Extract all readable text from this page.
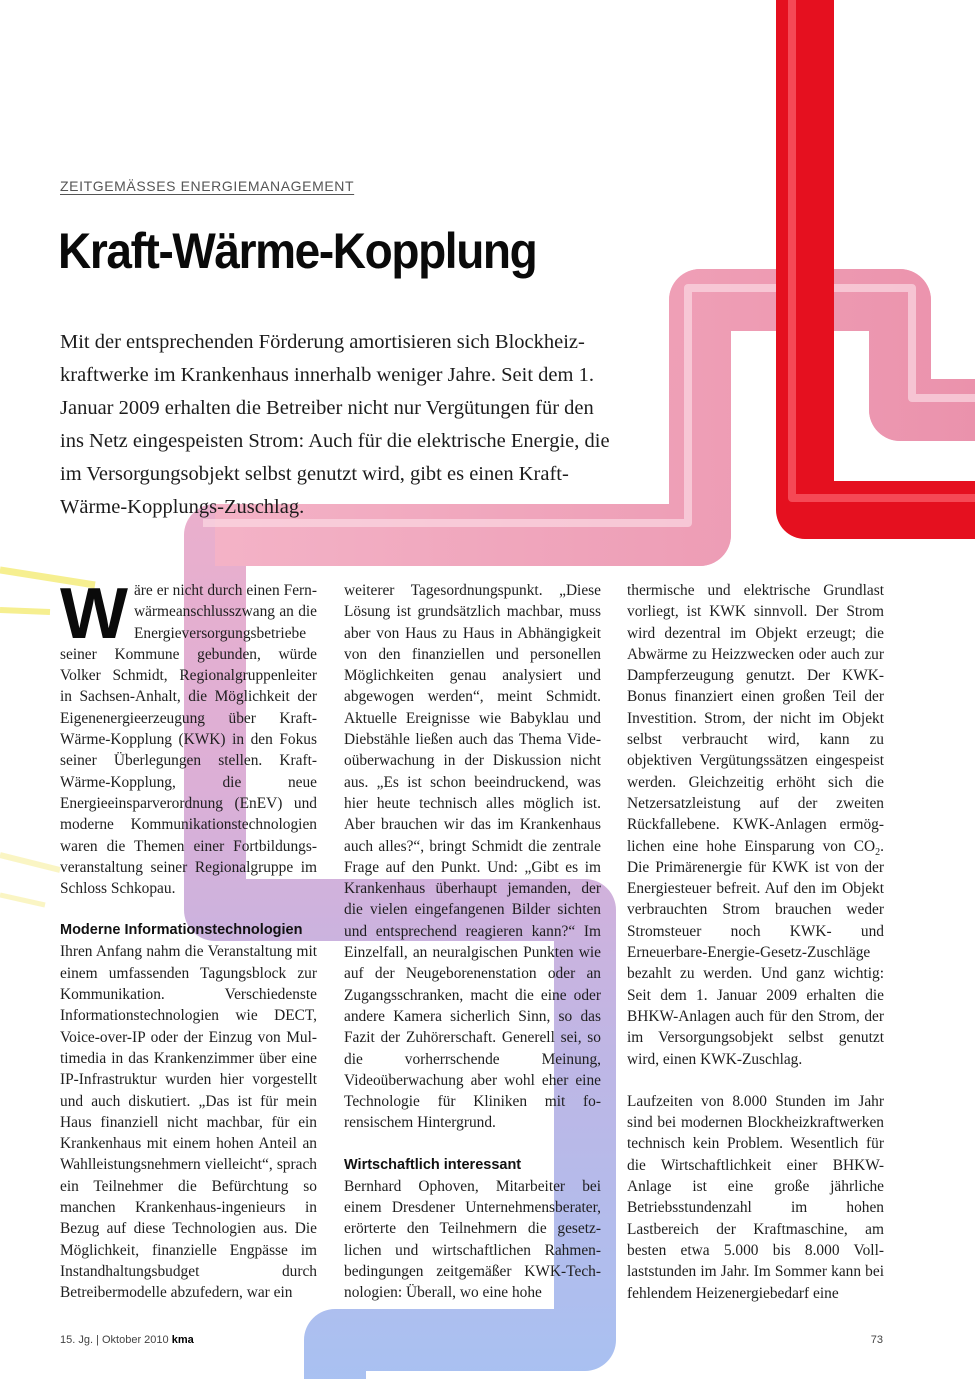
ZEITGEMÄSSES ENERGIEMANAGEMENT
Kraft-Wärme-Kopplung

Mit der entsprechenden Förderung amortisieren sich Blockheizkraftwerke im Krankenhaus innerhalb weniger Jahre. Seit dem 1. Januar 2009 erhalten die Betreiber nicht nur Vergütungen für den ins Netz eingespeisten Strom: Auch für die elektrische Energie, die im Versorgungsobjekt selbst genutzt wird, gibt es einen Kraft-Wärme-Kopplungs-Zuschlag.

Wäre er nicht durch einen Fernwärmeanschlusszwang an die Energieversorgungsbetriebe seiner Kommune gebunden, würde Volker Schmidt, Regionalgruppenleiter in Sachsen-Anhalt, die Möglichkeit der Eigenenergieerzeugung über Kraft-Wärme-Kopplung (KWK) in den Fokus seiner Überlegungen stellen. Kraft-Wärme-Kopplung, die neue Energieeinsparverordnung (EnEV) und moderne Kommunikationstechnologien waren die Themen einer Fortbildungsveranstaltung seiner Regionalgruppe im Schloss Schkopau.

Moderne Informationstechnologien

Ihren Anfang nahm die Veranstaltung mit einem umfassenden Tagungsblock zur Kommunikation. Verschiedenste Informationstechnologien wie DECT, Voice-over-IP oder der Einzug von Multimedia in das Krankenzimmer über eine IP-Infrastruktur wurden hier vorgestellt und auch diskutiert. „Das ist für mein Haus finanziell nicht machbar, für ein Krankenhaus mit einem hohen Anteil an Wahlleistungsnehmern vielleicht“, sprach ein Teilnehmer die Befürchtung so manchen Krankenhaus-ingenieurs in Bezug auf diese Technologien aus. Die Möglichkeit, finanzielle Engpässe im Instandhaltungsbudget durch Betreibermodelle abzufedern, war ein

weiterer Tagesordnungspunkt. „Diese Lösung ist grundsätzlich machbar, muss aber von Haus zu Haus in Abhängigkeit von den finanziellen und personellen Möglichkeiten genau analysiert und abgewogen werden“, meint Schmidt. Aktuelle Ereignisse wie Babyklau und Diebstähle ließen auch das Thema Videoüberwachung in der Diskussion nicht aus. „Es ist schon beeindruckend, was hier heute technisch alles möglich ist. Aber brauchen wir das im Krankenhaus auch alles?“, bringt Schmidt die zentrale Frage auf den Punkt. Und: „Gibt es im Krankenhaus überhaupt jemanden, der die vielen eingefangenen Bilder sichten und entsprechend reagieren kann?“ Im Einzelfall, an neuralgischen Punkten wie auf der Neugeborenenstation oder an Zugangsschranken, macht die eine oder andere Kamera sicherlich Sinn, so das Fazit der Zuhörerschaft. Generell sei, so die vorherrschende Meinung, Videoüberwachung aber wohl eher eine Technologie für Kliniken mit forensischem Hintergrund.

Wirtschaftlich interessant

Bernhard Ophoven, Mitarbeiter bei einem Dresdener Unternehmensberater, erörterte den Teilnehmern die gesetzlichen und wirtschaftlichen Rahmenbedingungen zeitgemäßer KWK-Technologien: Überall, wo eine hohe

thermische und elektrische Grundlast vorliegt, ist KWK sinnvoll. Der Strom wird dezentral im Objekt erzeugt; die Abwärme zu Heizzwecken oder auch zur Dampferzeugung genutzt. Der KWK-Bonus finanziert einen großen Teil der Investition. Strom, der nicht im Objekt selbst verbraucht wird, kann zu objektiven Vergütungssätzen eingespeist werden. Gleichzeitig erhöht sich die Netzersatzleistung auf der zweiten Rückfallebene. KWK-Anlagen ermöglichen eine hohe Einsparung von $CO_2$. Die Primärenergie für KWK ist von der Energiesteuer befreit. Auf den im Objekt verbrauchten Strom brauchen weder Stromsteuer noch KWK- und Erneuerbare-Energie-Gesetz-Zuschläge bezahlt zu werden. Und ganz wichtig: Seit dem 1. Januar 2009 erhalten die BHKW-Anlagen auch für den Strom, der im Versorgungsobjekt selbst genutzt wird, einen KWK-Zuschlag.

Laufzeiten von 8.000 Stunden im Jahr sind bei modernen Blockheizkraftwerken technisch kein Problem. Wesentlich für die Wirtschaftlichkeit einer BHKW-Anlage ist eine große jährliche Betriebsstundenzahl im hohen Lastbereich der Kraftmaschine, am besten etwa 5.000 bis 8.000 Volllaststunden im Jahr. Im Sommer kann bei fehlendem Heizenergiebedarf eine

15. Jg. | Oktober 2010 kma	73
